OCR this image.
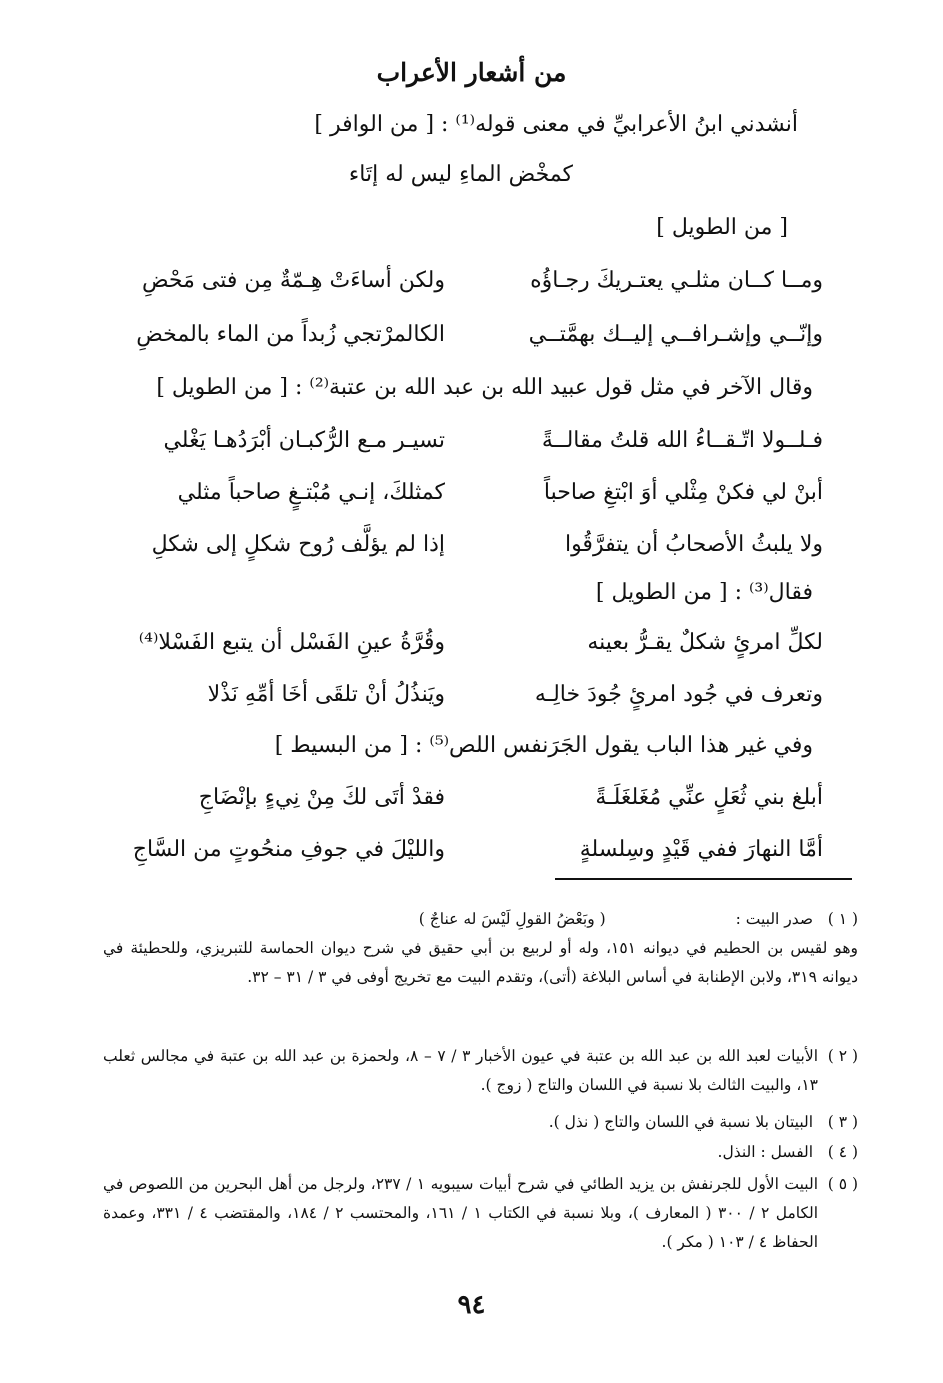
من أشعار الأعراب
أنشدني ابنُ الأعرابيِّ في معنى قوله⁽¹⁾ : [ من الوافر ]
كمخْض الماءِ ليس له إتَاء
[ من الطويل ]
ومــا كــان مثلـي يعتـريكَ رجـاؤُه
ولكن أساءَتْ هِـمّةٌ مِن فتى مَحْضِ
وإنّــي وإشـرافــي إليــك بهمَّتــي
الكالمرْتجي زُبداً من الماء بالمخضِ
وقال الآخر في مثل قول عبيد الله بن عبد الله بن عتبة⁽²⁾ : [ من الطويل ]
فـلــولا اتّـقــاءُ الله قلتُ مقالــةً
تسيـر مـع الرُّكبـان أبْرَدُهـا يَغْلي
أبنْ لي فكنْ مِثْلي أوَ ابْتغِ صاحباً
كمثلكَ، إنـي مُبْتـغٍ صاحباً مثلي
ولا يلبثُ الأصحابُ أن يتفرَّقُوا
إذا لم يؤلَّف رُوح شكلٍ إلى شكلِ
فقال⁽³⁾ : [ من الطويل ]
لكلِّ امرئٍ شكلٌ يقـرُّ بعينه
وقُرَّةُ عينِ الفَسْل أن يتبع الفَسْلا⁽⁴⁾
وتعرف في جُود امرئٍ جُودَ خالِـه
ويَنذُلُ أنْ تلقَى أخَا أمِّهِ نَذْلا
وفي غير هذا الباب يقول الجَرَنفس اللص⁽⁵⁾ : [ من البسيط ]
أبلغ بني ثُعَلٍ عنِّي مُغَلغَلَـةً
فقدْ أتَى لكَ مِنْ نِيءٍ بإنْضَاجِ
أمَّا النهارَ ففي قَيْدٍ وسِلسلةٍ
والليْلَ في جوفِ منحُوتٍ من السَّاجِ
( ١ ) صدر البيت :  ( وبَعْضُ القولِ لَيْسَ له عناجٌ )
وهو لقيس بن الحطيم في ديوانه ١٥١، وله أو لربيع بن أبي حقيق في شرح ديوان الحماسة للتبريزي، وللحطيئة في ديوانه ٣١٩، ولابن الإطنابة في أساس البلاغة (أتى)، وتقدم البيت مع تخريج أوفى في ٣ / ٣١ – ٣٢.
( ٢ )
الأبيات لعبد الله بن عبد الله بن عتبة في عيون الأخبار ٣ / ٧ – ٨، ولحمزة بن عبد الله بن عتبة في مجالس ثعلب ١٣، والبيت الثالث بلا نسبة في اللسان والتاج ( زوج ).
( ٣ ) البيتان بلا نسبة في اللسان والتاج ( نذل ).
( ٤ ) الفسل : النذل.
( ٥ )
البيت الأول للجرنفش بن يزيد الطائي في شرح أبيات سيبويه ١ / ٢٣٧، ولرجل من أهل البحرين من اللصوص في الكامل ٢ / ٣٠٠ ( المعارف )، وبلا نسبة في الكتاب ١ / ١٦١، والمحتسب ٢ / ١٨٤، والمقتضب ٤ / ٣٣١، وعمدة الحفاظ ٤ / ١٠٣ ( مكر ).
٩٤
